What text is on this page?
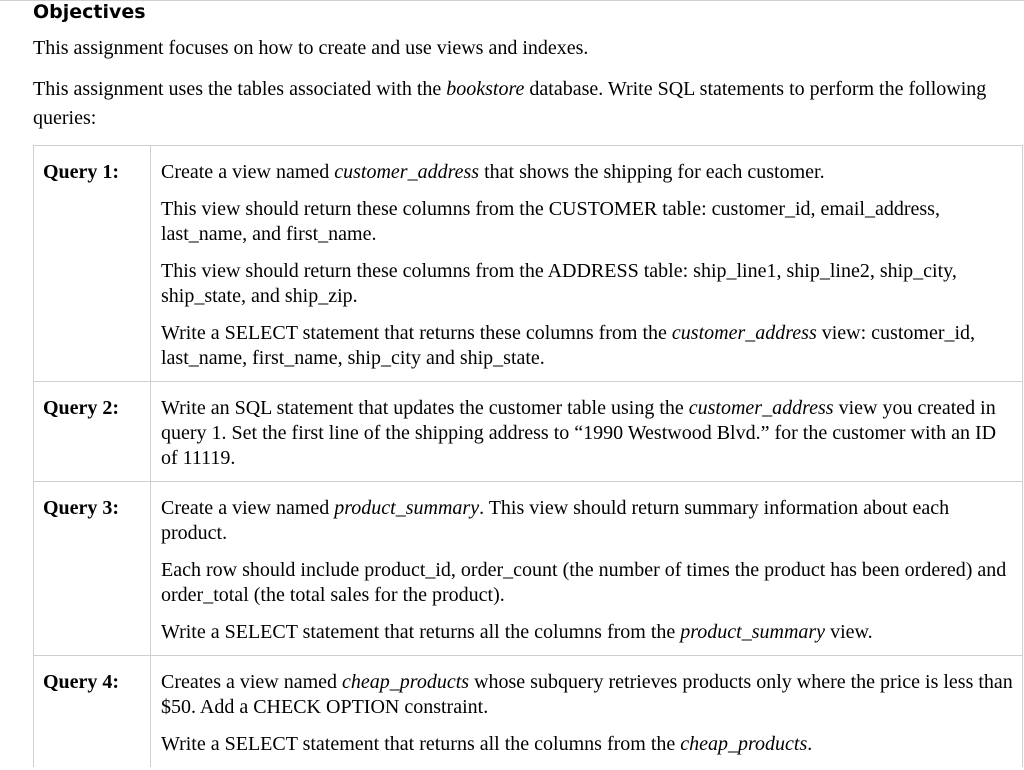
Objectives
This assignment focuses on how to create and use views and indexes.
This assignment uses the tables associated with the bookstore database. Write SQL statements to perform the following queries:
Query 1:	Create a view named customer_address that shows the shipping for each customer.

This view should return these columns from the CUSTOMER table: customer_id, email_address, last_name, and first_name.

This view should return these columns from the ADDRESS table: ship_line1, ship_line2, ship_city, ship_state, and ship_zip.

Write a SELECT statement that returns these columns from the customer_address view: customer_id, last_name, first_name, ship_city and ship_state.

Query 2:	Write an SQL statement that updates the customer table using the customer_address view you created in query 1. Set the first line of the shipping address to “1990 Westwood Blvd.” for the customer with an ID of 11119.

Query 3:	Create a view named product_summary. This view should return summary information about each product.

Each row should include product_id, order_count (the number of times the product has been ordered) and order_total (the total sales for the product).

Write a SELECT statement that returns all the columns from the product_summary view.

Query 4:	Creates a view named cheap_products whose subquery retrieves products only where the price is less than $50. Add a CHECK OPTION constraint.

Write a SELECT statement that returns all the columns from the cheap_products.
